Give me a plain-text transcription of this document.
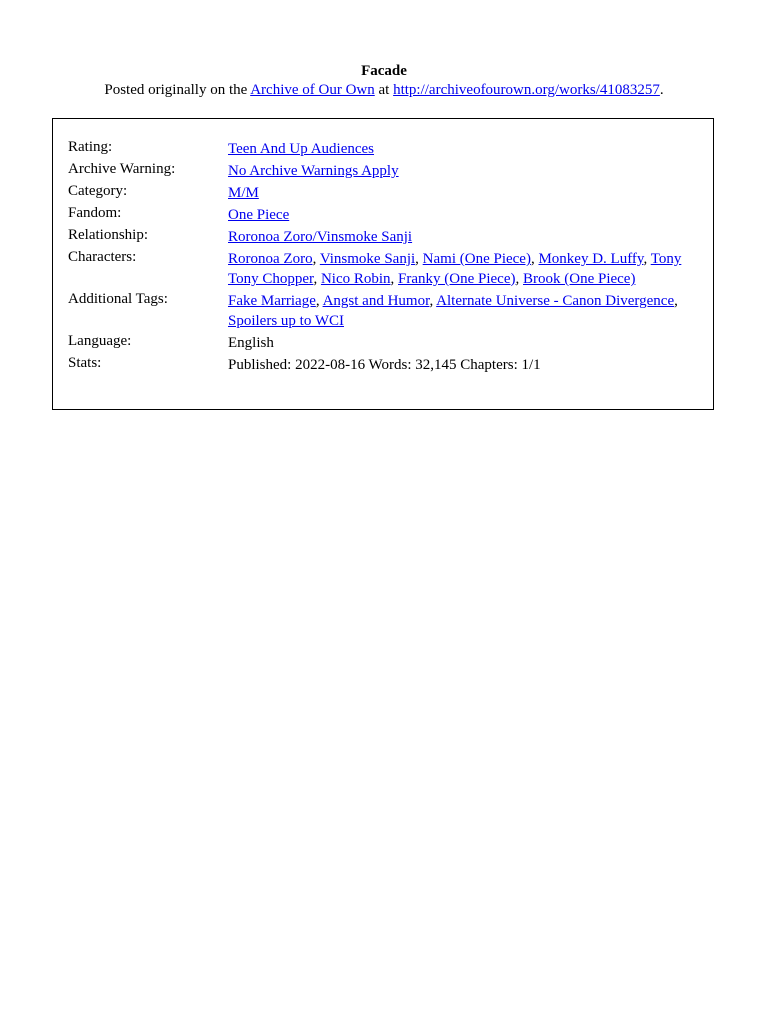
Facade
Posted originally on the Archive of Our Own at http://archiveofourown.org/works/41083257.
Rating:	Teen And Up Audiences
Archive Warning:	No Archive Warnings Apply
Category:	M/M
Fandom:	One Piece
Relationship:	Roronoa Zoro/Vinsmoke Sanji
Characters:	Roronoa Zoro, Vinsmoke Sanji, Nami (One Piece), Monkey D. Luffy, Tony Tony Chopper, Nico Robin, Franky (One Piece), Brook (One Piece)
Additional Tags:	Fake Marriage, Angst and Humor, Alternate Universe - Canon Divergence, Spoilers up to WCI
Language:	English
Stats:	Published: 2022-08-16 Words: 32,145 Chapters: 1/1
